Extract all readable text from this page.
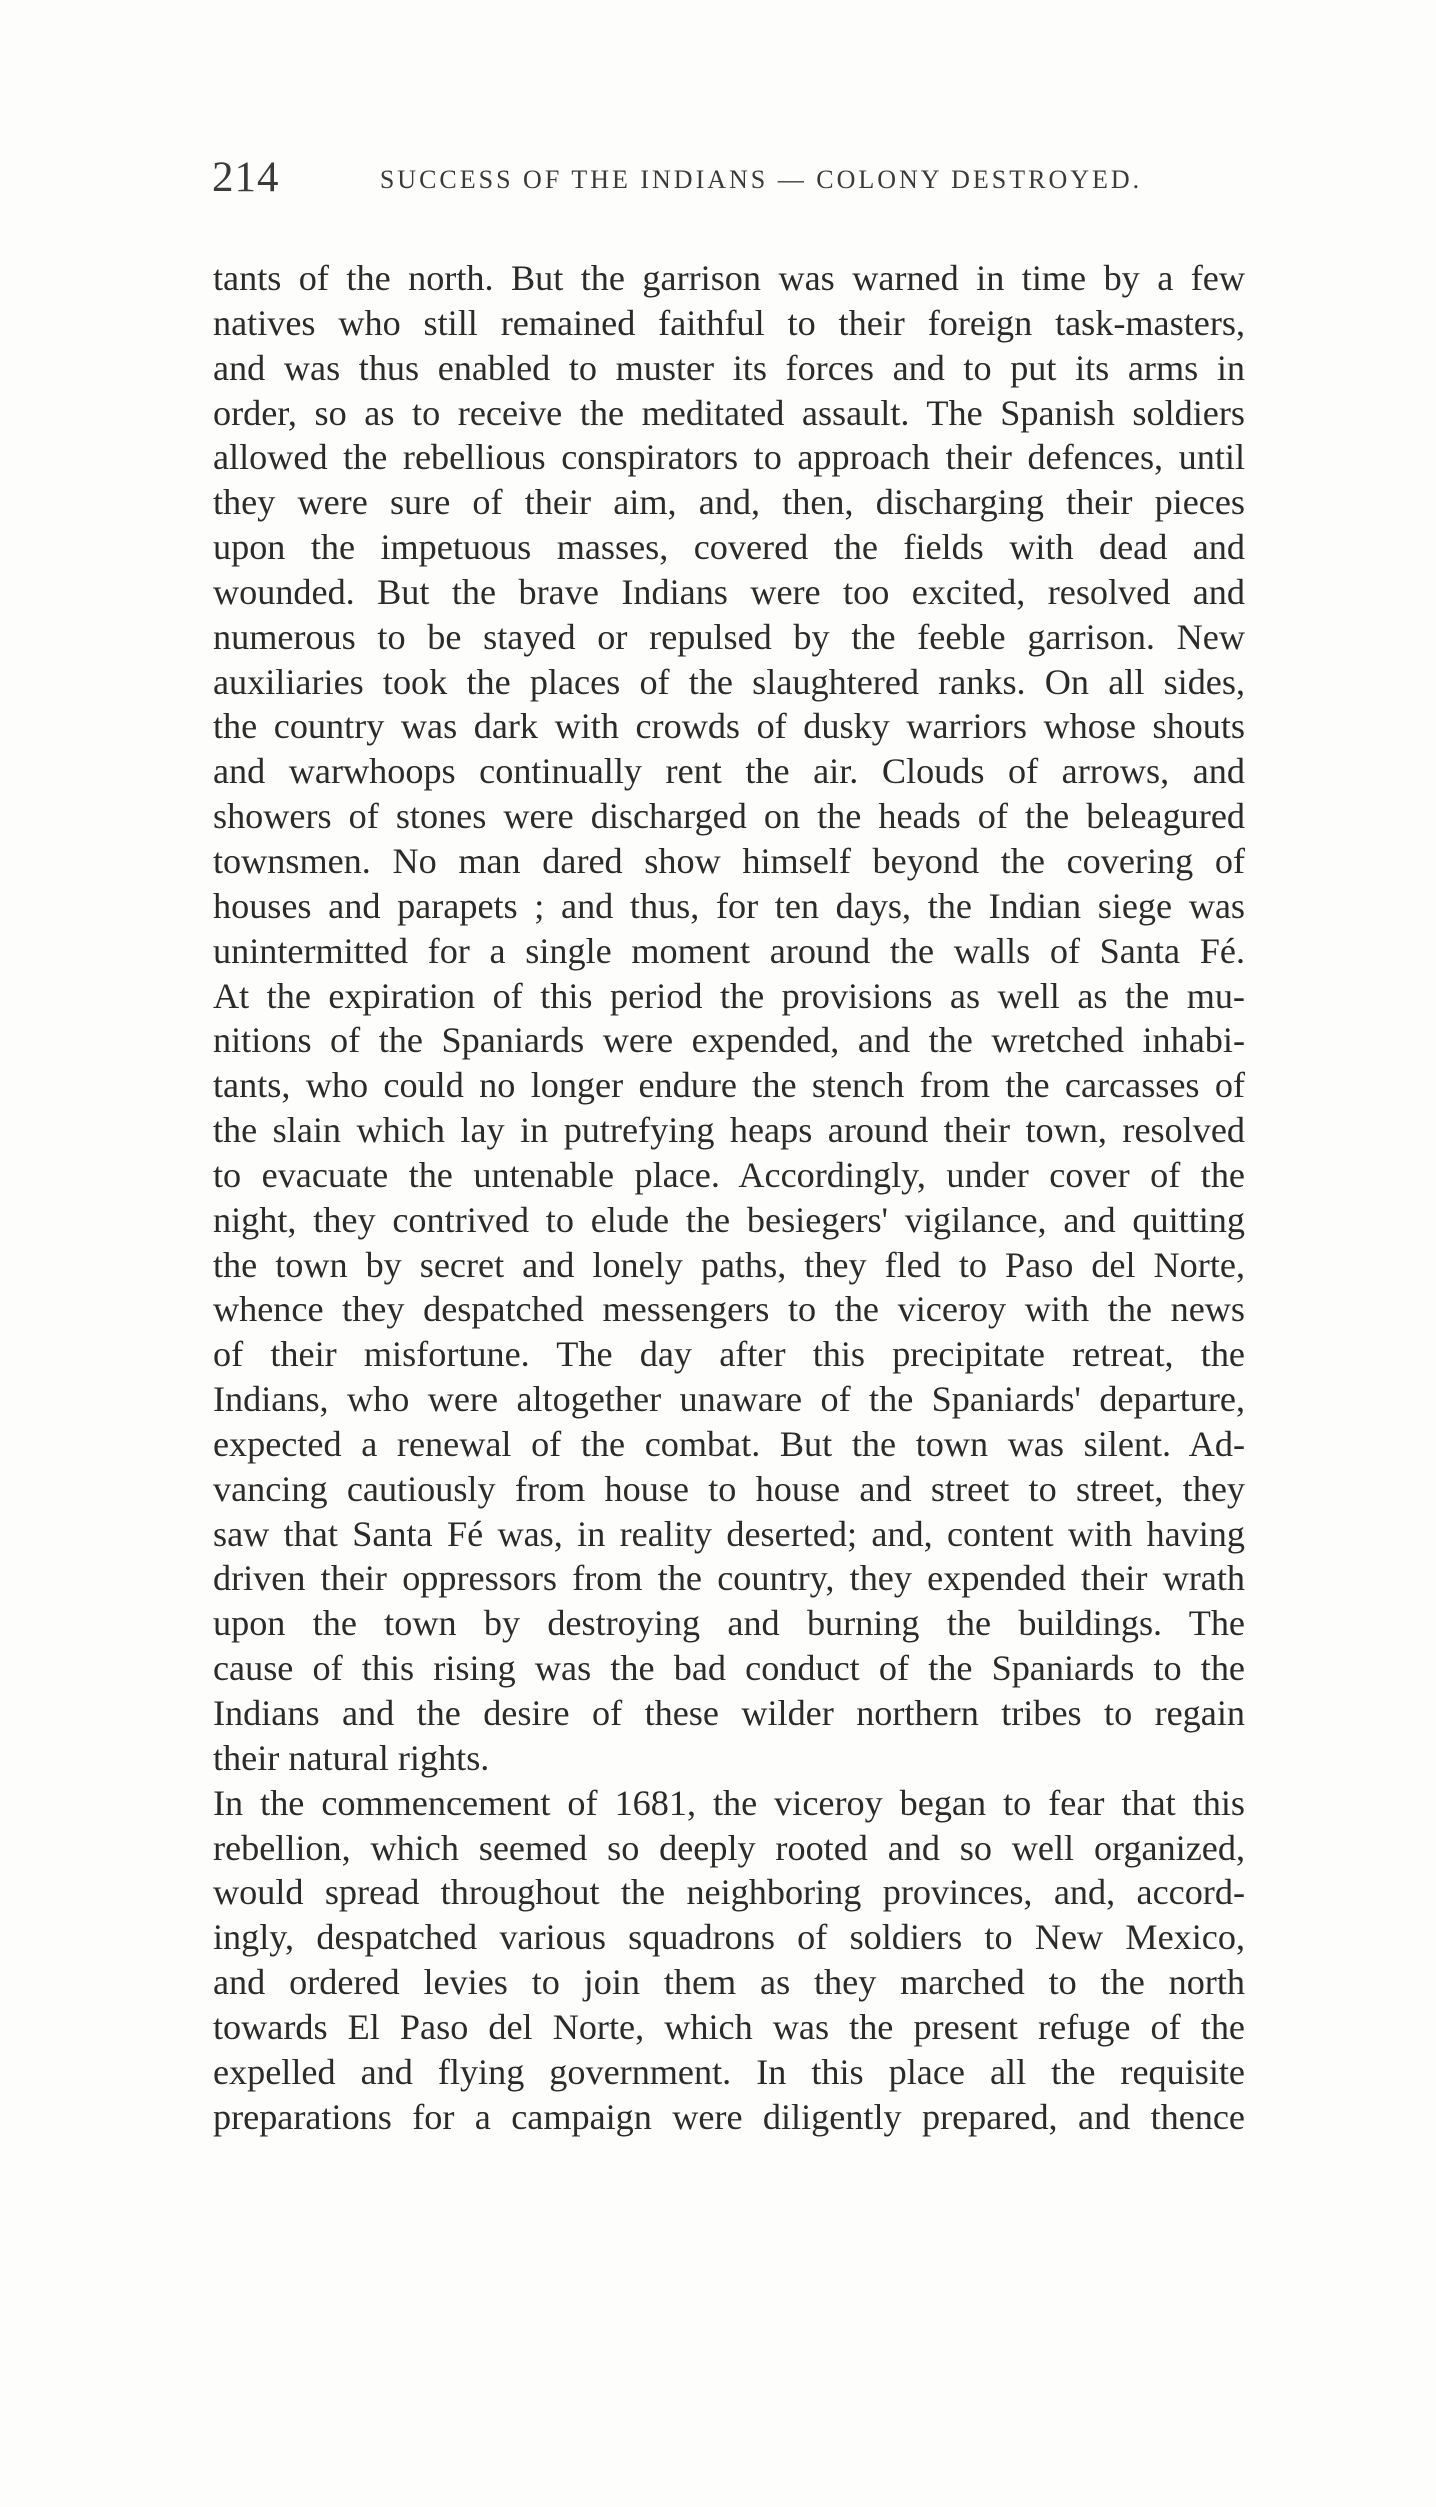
214	SUCCESS OF THE INDIANS — COLONY DESTROYED.
tants of the north. But the garrison was warned in time by a few
natives who still remained faithful to their foreign task-masters,
and was thus enabled to muster its forces and to put its arms in
order, so as to receive the meditated assault. The Spanish soldiers
allowed the rebellious conspirators to approach their defences, until
they were sure of their aim, and, then, discharging their pieces
upon the impetuous masses, covered the fields with dead and
wounded. But the brave Indians were too excited, resolved and
numerous to be stayed or repulsed by the feeble garrison. New
auxiliaries took the places of the slaughtered ranks. On all sides,
the country was dark with crowds of dusky warriors whose shouts
and warwhoops continually rent the air. Clouds of arrows, and
showers of stones were discharged on the heads of the beleagured
townsmen. No man dared show himself beyond the covering of
houses and parapets ; and thus, for ten days, the Indian siege was
unintermitted for a single moment around the walls of Santa Fé.
At the expiration of this period the provisions as well as the mu-
nitions of the Spaniards were expended, and the wretched inhabi-
tants, who could no longer endure the stench from the carcasses of
the slain which lay in putrefying heaps around their town, resolved
to evacuate the untenable place. Accordingly, under cover of the
night, they contrived to elude the besiegers' vigilance, and quitting
the town by secret and lonely paths, they fled to Paso del Norte,
whence they despatched messengers to the viceroy with the news
of their misfortune. The day after this precipitate retreat, the
Indians, who were altogether unaware of the Spaniards' departure,
expected a renewal of the combat. But the town was silent. Ad-
vancing cautiously from house to house and street to street, they
saw that Santa Fé was, in reality deserted; and, content with having
driven their oppressors from the country, they expended their wrath
upon the town by destroying and burning the buildings. The
cause of this rising was the bad conduct of the Spaniards to the
Indians and the desire of these wilder northern tribes to regain
their natural rights.
In the commencement of 1681, the viceroy began to fear that this
rebellion, which seemed so deeply rooted and so well organized,
would spread throughout the neighboring provinces, and, accord-
ingly, despatched various squadrons of soldiers to New Mexico,
and ordered levies to join them as they marched to the north
towards El Paso del Norte, which was the present refuge of the
expelled and flying government. In this place all the requisite
preparations for a campaign were diligently prepared, and thence
